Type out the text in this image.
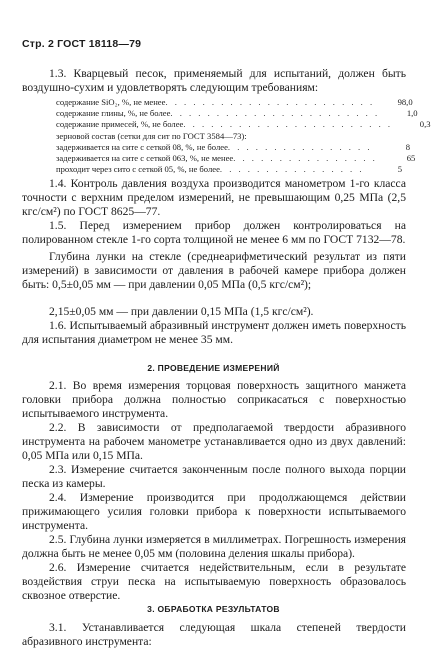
Стр. 2 ГОСТ 18118—79
1.3. Кварцевый песок, применяемый для испытаний, должен быть воздушно-сухим и удовлетворять следующим требованиям:
содержание SiO₂, %, не менее . . . . . . . . . . . . . . . . . . . . . . .	98,0
содержание глины, %, не более . . . . . . . . . . . . . . . . . . . . . . .	1,0
содержание примесей, %, не более . . . . . . . . . . . . . . . . . . . . . . .	0,3
зерновой состав (сетки для сит по ГОСТ 3584—73):
задерживается на сите с сеткой 08, %, не более . . . . . . . . . . . . . . . .	8
задерживается на сите с сеткой 063, %, не менее . . . . . . . . . . . . . . . .	65
проходит через сито с сеткой 05, %, не более . . . . . . . . . . . . . . . .	5
1.4. Контроль давления воздуха производится манометром 1-го класса точности с верхним пределом измерений, не превышающим 0,25 МПа (2,5 кгс/см²) по ГОСТ 8625—77.
1.5. Перед измерением прибор должен контролироваться на полированном стекле 1-го сорта толщиной не менее 6 мм по ГОСТ 7132—78.
Глубина лунки на стекле (среднеарифметический результат из пяти измерений) в зависимости от давления в рабочей камере прибора должен быть: 0,5±0,05 мм — при давлении 0,05 МПа (0,5 кгс/см²);
2,15±0,05 мм — при давлении 0,15 МПа (1,5 кгс/см²).
1.6. Испытываемый абразивный инструмент должен иметь поверхность для испытания диаметром не менее 35 мм.
2. ПРОВЕДЕНИЕ ИЗМЕРЕНИЙ
2.1. Во время измерения торцовая поверхность защитного манжета головки прибора должна полностью соприкасаться с поверхностью испытываемого инструмента.
2.2. В зависимости от предполагаемой твердости абразивного инструмента на рабочем манометре устанавливается одно из двух давлений: 0,05 МПа или 0,15 МПа.
2.3. Измерение считается законченным после полного выхода порции песка из камеры.
2.4. Измерение производится при продолжающемся действии прижимающего усилия головки прибора к поверхности испытываемого инструмента.
2.5. Глубина лунки измеряется в миллиметрах. Погрешность измерения должна быть не менее 0,05 мм (половина деления шкалы прибора).
2.6. Измерение считается недействительным, если в результате воздействия струи песка на испытываемую поверхность образовалось сквозное отверстие.
3. ОБРАБОТКА РЕЗУЛЬТАТОВ
3.1. Устанавливается следующая шкала степеней твердости абразивного инструмента:
